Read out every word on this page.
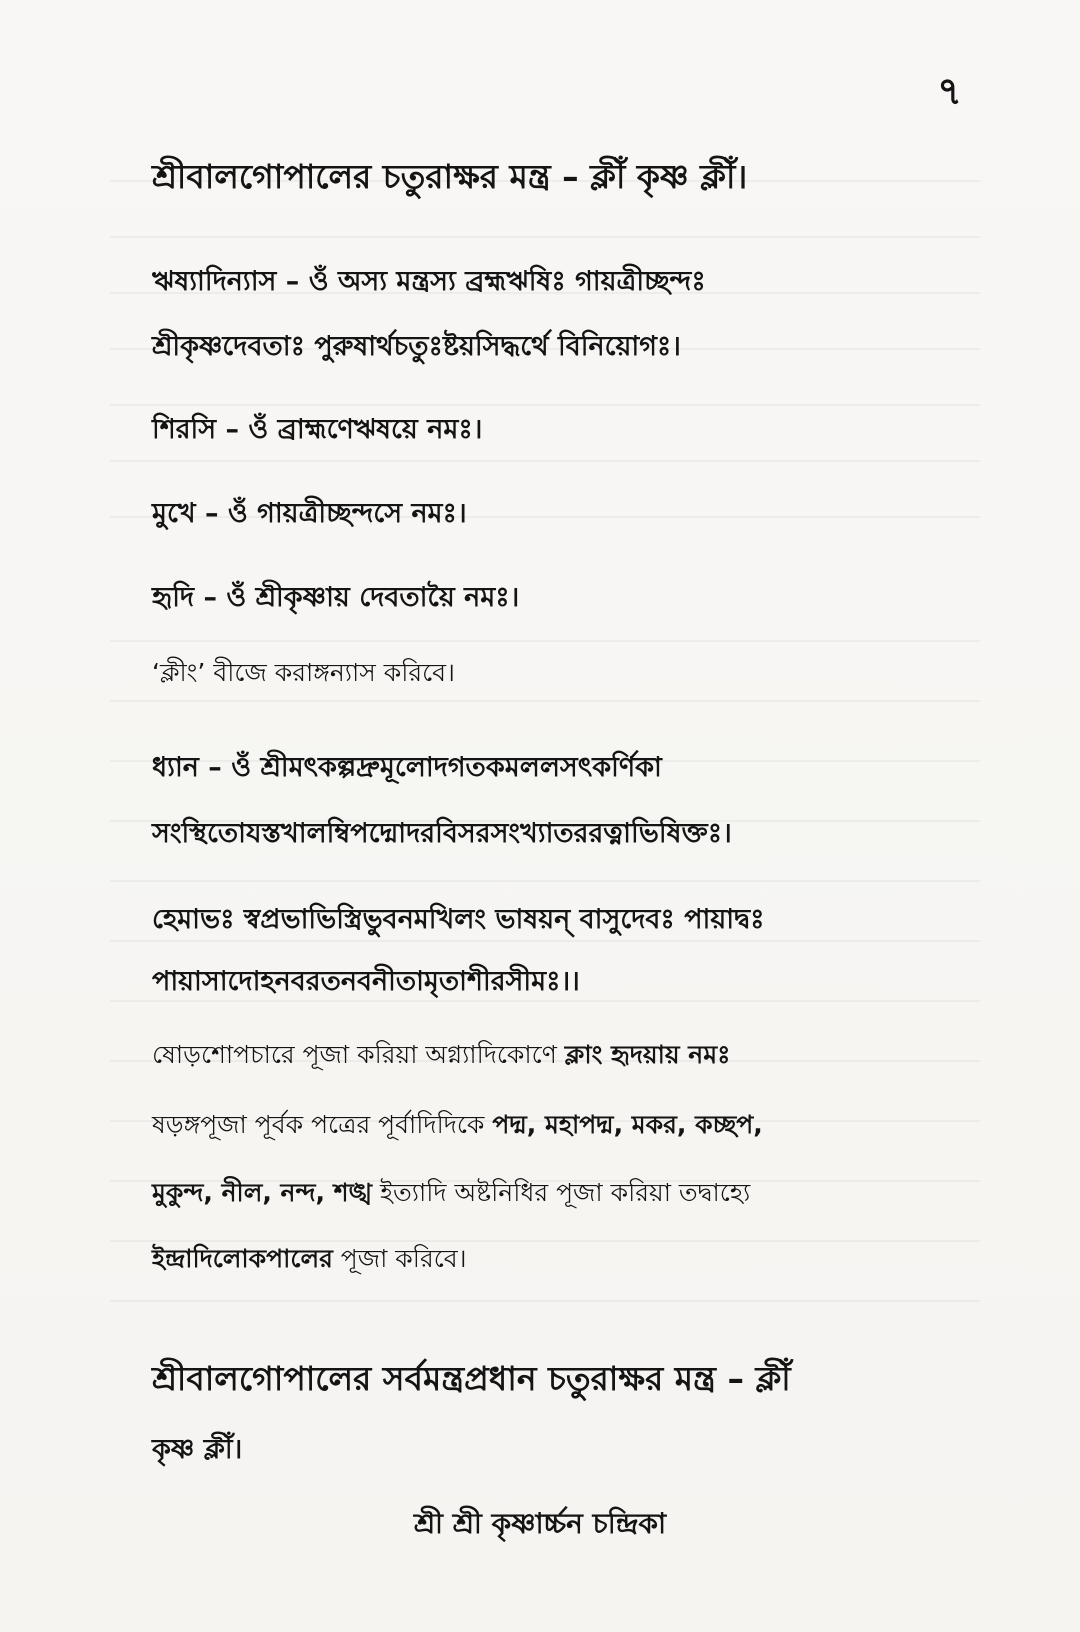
৭
শ্রীবালগোপালের চতুরাক্ষর মন্ত্র – ক্লীঁ কৃষ্ণ ক্লীঁ।
ঋষ্যাদিন্যাস – ওঁ অস্য মন্ত্রস্য ব্রহ্মঋষিঃ গায়ত্রীচ্ছন্দঃ
শ্রীকৃষ্ণদেবতাঃ পুরুষার্থচতুঃষ্টয়সিদ্ধর্থে বিনিয়োগঃ।
শিরসি – ওঁ ব্রাহ্মণেঋষয়ে নমঃ।
মুখে – ওঁ গায়ত্রীচ্ছন্দসে নমঃ।
হৃদি – ওঁ শ্রীকৃষ্ণায় দেবতায়ৈ নমঃ।
‘ক্লীং’ বীজে করাঙ্গন্যাস করিবে।
ধ্যান – ওঁ শ্রীমৎকল্পদ্রুমূলোদগতকমললসৎকর্ণিকা
সংস্থিতোযস্তখালম্বিপদ্মোদরবিসরসংখ্যাতররত্নাভিষিক্তঃ।
হেমাভঃ স্বপ্রভাভিস্ত্রিভুবনমখিলং ভাষয়ন্ বাসুদেবঃ পায়াদ্বঃ
পায়াসাদোহনবরতনবনীতামৃতাশীরসীমঃ।।
ষোড়শোপচারে পূজা করিয়া অগ্ন্যাদিকোণে ক্লাং হৃদয়ায় নমঃ
ষড়ঙ্গপূজা পূর্বক পত্রের পূর্বাদিদিকে পদ্ম, মহাপদ্ম, মকর, কচ্ছপ,
মুকুন্দ, নীল, নন্দ, শঙ্খ ইত্যাদি অষ্টনিধির পূজা করিয়া তদ্বাহ্যে
ইন্দ্রাদিলোকপালের পূজা করিবে।
শ্রীবালগোপালের সর্বমন্ত্রপ্রধান চতুরাক্ষর মন্ত্র – ক্লীঁ
কৃষ্ণ ক্লীঁ।
শ্রী শ্রী কৃষ্ণার্চ্চন চন্দ্রিকা
